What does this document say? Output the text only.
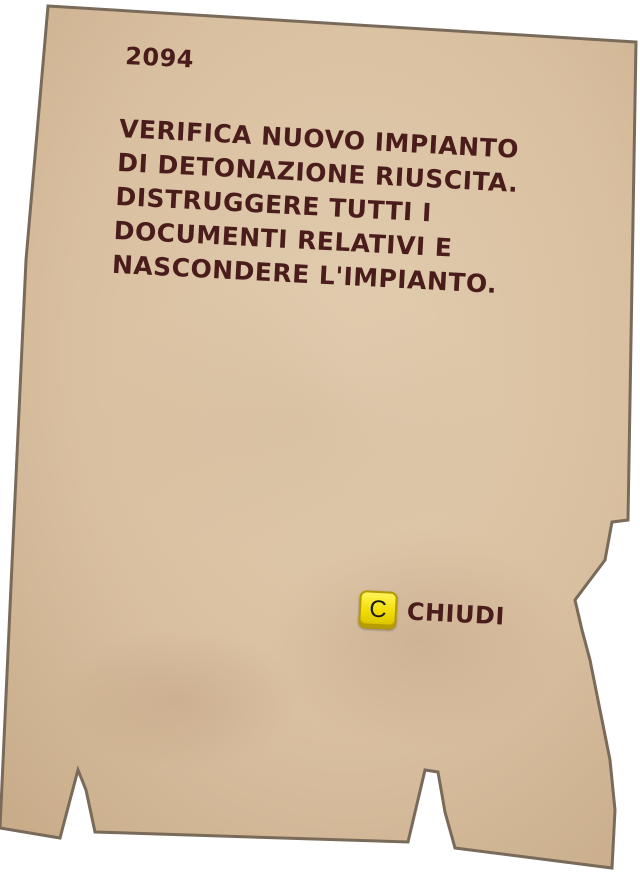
2094
VERIFICA NUOVO IMPIANTO DI DETONAZIONE RIUSCITA. DISTRUGGERE TUTTI I DOCUMENTI RELATIVI E NASCONDERE L'IMPIANTO.
C CHIUDI
